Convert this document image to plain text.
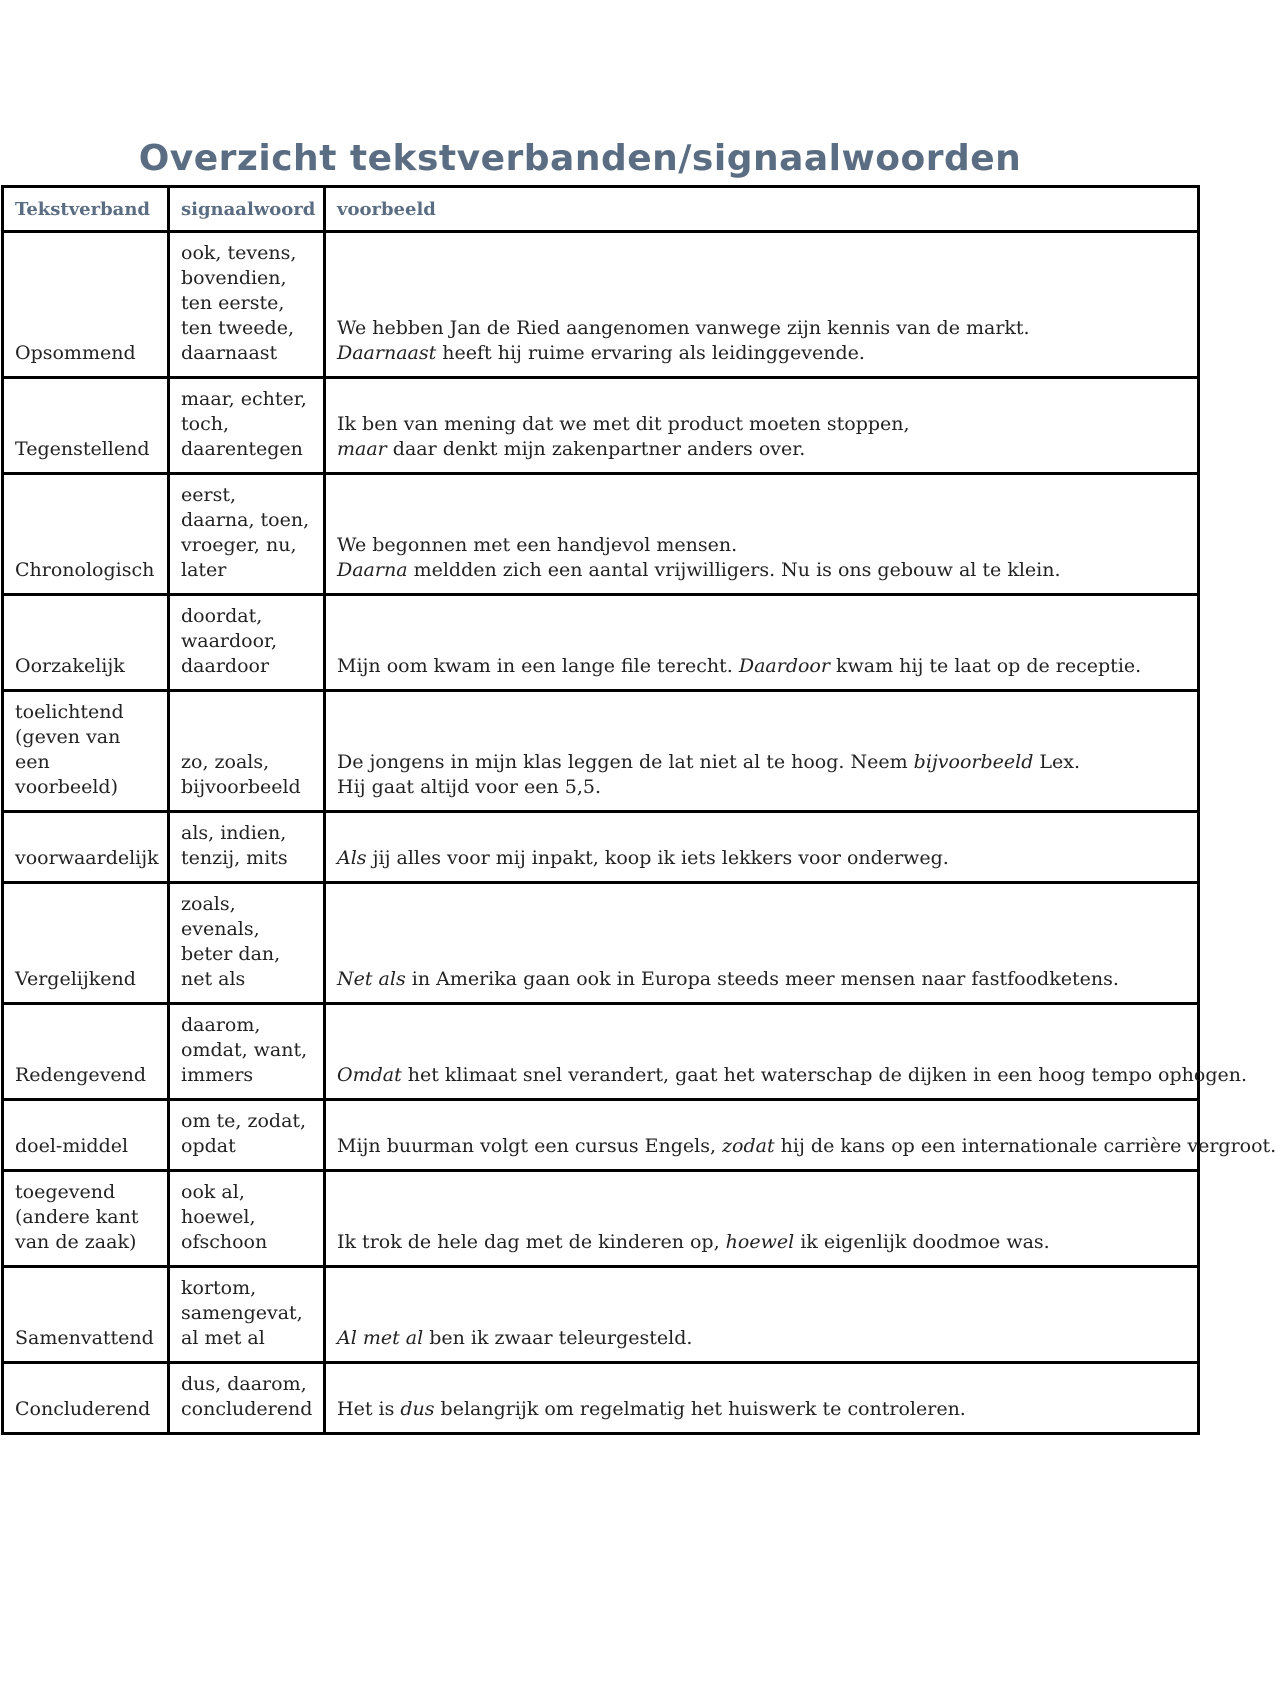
Overzicht tekstverbanden/signaalwoorden
Tekstverband	signaalwoord	voorbeeld
Opsommend	ook, tevens, bovendien, ten eerste, ten tweede, daarnaast	We hebben Jan de Ried aangenomen vanwege zijn kennis van de markt.
Daarnaast heeft hij ruime ervaring als leidinggevende.

Tegenstellend	maar, echter, toch, daarentegen	Ik ben van mening dat we met dit product moeten stoppen,
maar daar denkt mijn zakenpartner anders over.

Chronologisch	eerst, daarna, toen, vroeger, nu, later	We begonnen met een handjevol mensen.
Daarna meldden zich een aantal vrijwilligers. Nu is ons gebouw al te klein.

Oorzakelijk	doordat, waardoor, daardoor	Mijn oom kwam in een lange file terecht. Daardoor kwam hij te laat op de receptie.

toelichtend (geven van een voorbeeld)	zo, zoals, bijvoorbeeld	De jongens in mijn klas leggen de lat niet al te hoog. Neem bijvoorbeeld Lex.
Hij gaat altijd voor een 5,5.

voorwaardelijk	als, indien, tenzij, mits	Als jij alles voor mij inpakt, koop ik iets lekkers voor onderweg.

Vergelijkend	zoals, evenals, beter dan, net als	Net als in Amerika gaan ook in Europa steeds meer mensen naar fastfoodketens.

Redengevend	daarom, omdat, want, immers	Omdat het klimaat snel verandert, gaat het waterschap de dijken in een hoog tempo ophogen.

doel-middel	om te, zodat, opdat	Mijn buurman volgt een cursus Engels, zodat hij de kans op een internationale carrière vergroot.

toegevend (andere kant van de zaak)	ook al, hoewel, ofschoon	Ik trok de hele dag met de kinderen op, hoewel ik eigenlijk doodmoe was.

Samenvattend	kortom, samengevat, al met al	Al met al ben ik zwaar teleurgesteld.

Concluderend	dus, daarom, concluderend	Het is dus belangrijk om regelmatig het huiswerk te controleren.
